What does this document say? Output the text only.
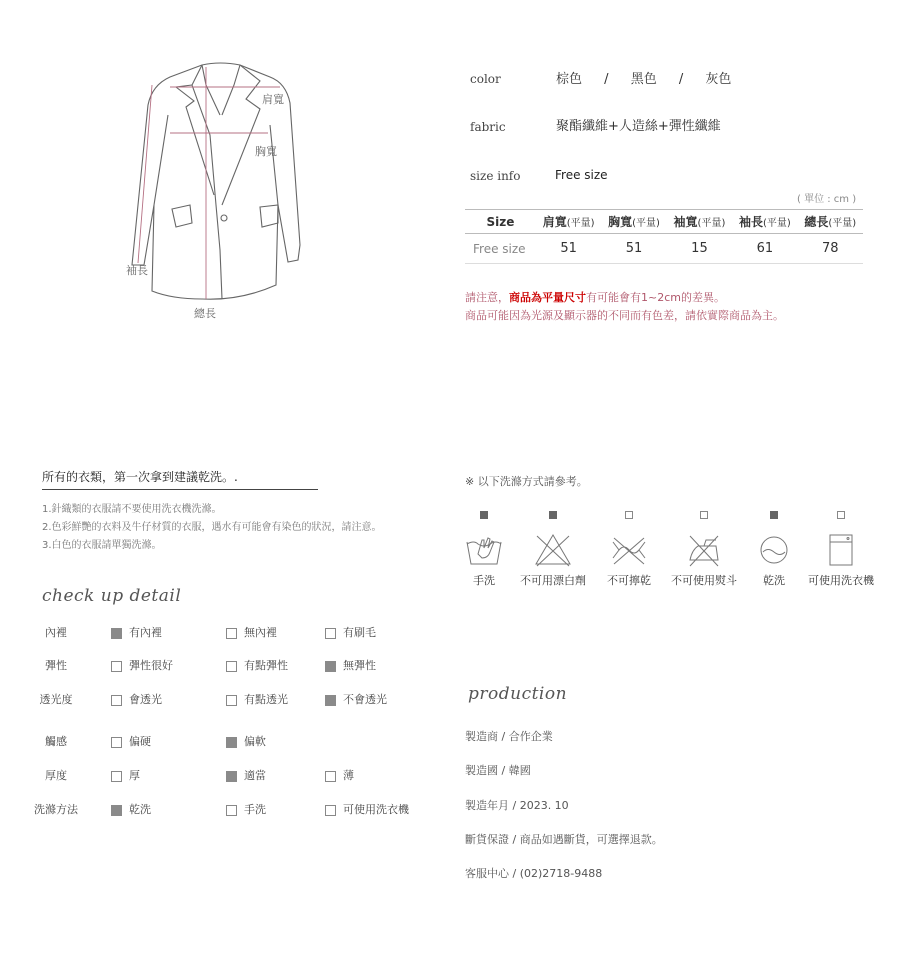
肩寬
胸寬
袖長
總長
color	棕色 / 黑色 / 灰色
fabric	聚酯纖維+人造絲+彈性纖維
size info	Free size
( 單位 : cm )
Size	肩寬(平量)	胸寬(平量)	袖寬(平量)	袖長(平量)	總長(平量)
Free size	51	51	15	61	78
請注意，商品為平量尺寸有可能會有1~2cm的差異。
商品可能因為光源及顯示器的不同而有色差，請依實際商品為主。
所有的衣類，第一次拿到建議乾洗。.
1.針織類的衣服請不要使用洗衣機洗滌。
2.色彩鮮艷的衣料及牛仔材質的衣服，遇水有可能會有染色的狀況，請注意。
3.白色的衣服請單獨洗滌。
check up detail
內裡	有內裡	無內裡	有刷毛
彈性	彈性很好	有點彈性	無彈性
透光度	會透光	有點透光	不會透光
觸感	偏硬	偏軟
厚度	厚	適當	薄
洗滌方法	乾洗	手洗	可使用洗衣機
※ 以下洗滌方式請參考。
手洗	不可用漂白劑	不可擰乾	不可使用熨斗	乾洗	可使用洗衣機
production
製造商 / 合作企業
製造國 / 韓國
製造年月 / 2023. 10
斷貨保證 / 商品如遇斷貨，可選擇退款。
客服中心 / (02)2718-9488
